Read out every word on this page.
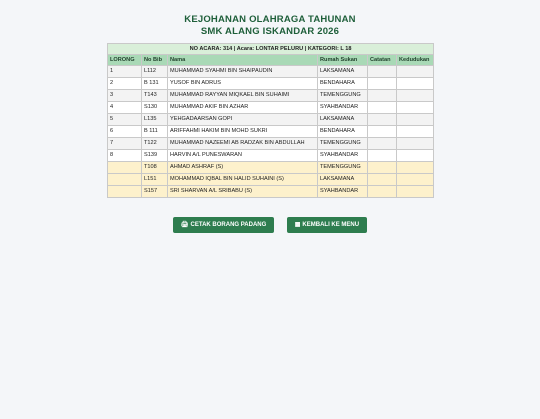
KEJOHANAN OLAHRAGA TAHUNAN
SMK ALANG ISKANDAR 2026
NO ACARA: 314 | Acara: LONTAR PELURU | KATEGORI: L 18					
LORONG	No Bib	Nama	Rumah Sukan	Catatan	Kedudukan
1	L112	MUHAMMAD SYAHMI BIN SHAIPAUDIN	LAKSAMANA		
2	B 131	YUSOF BIN ADRUS	BENDAHARA		
3	T143	MUHAMMAD RAYYAN MIQKAEL BIN SUHAIMI	TEMENGGUNG		
4	S130	MUHAMMAD AKIF BIN AZHAR	SYAHBANDAR		
5	L135	YEHGADAARSAN GOPI	LAKSAMANA		
6	B 111	ARIFFAHMI HAKIM BIN MOHD SUKRI	BENDAHARA		
7	T122	MUHAMMAD NAZEEMI AB RADZAK BIN ABDULLAH	TEMENGGUNG		
8	S139	HARVIN A/L PUNESWARAN	SYAHBANDAR		
	T108	AHMAD ASHRAF (S)	TEMENGGUNG		
	L151	MOHAMMAD IQBAL BIN HALID SUHAINI (S)	LAKSAMANA		
	S157	SRI SHARVAN A/L SRIBABU (S)	SYAHBANDAR		
🖨 CETAK BORANG PADANG	▦ KEMBALI KE MENU
